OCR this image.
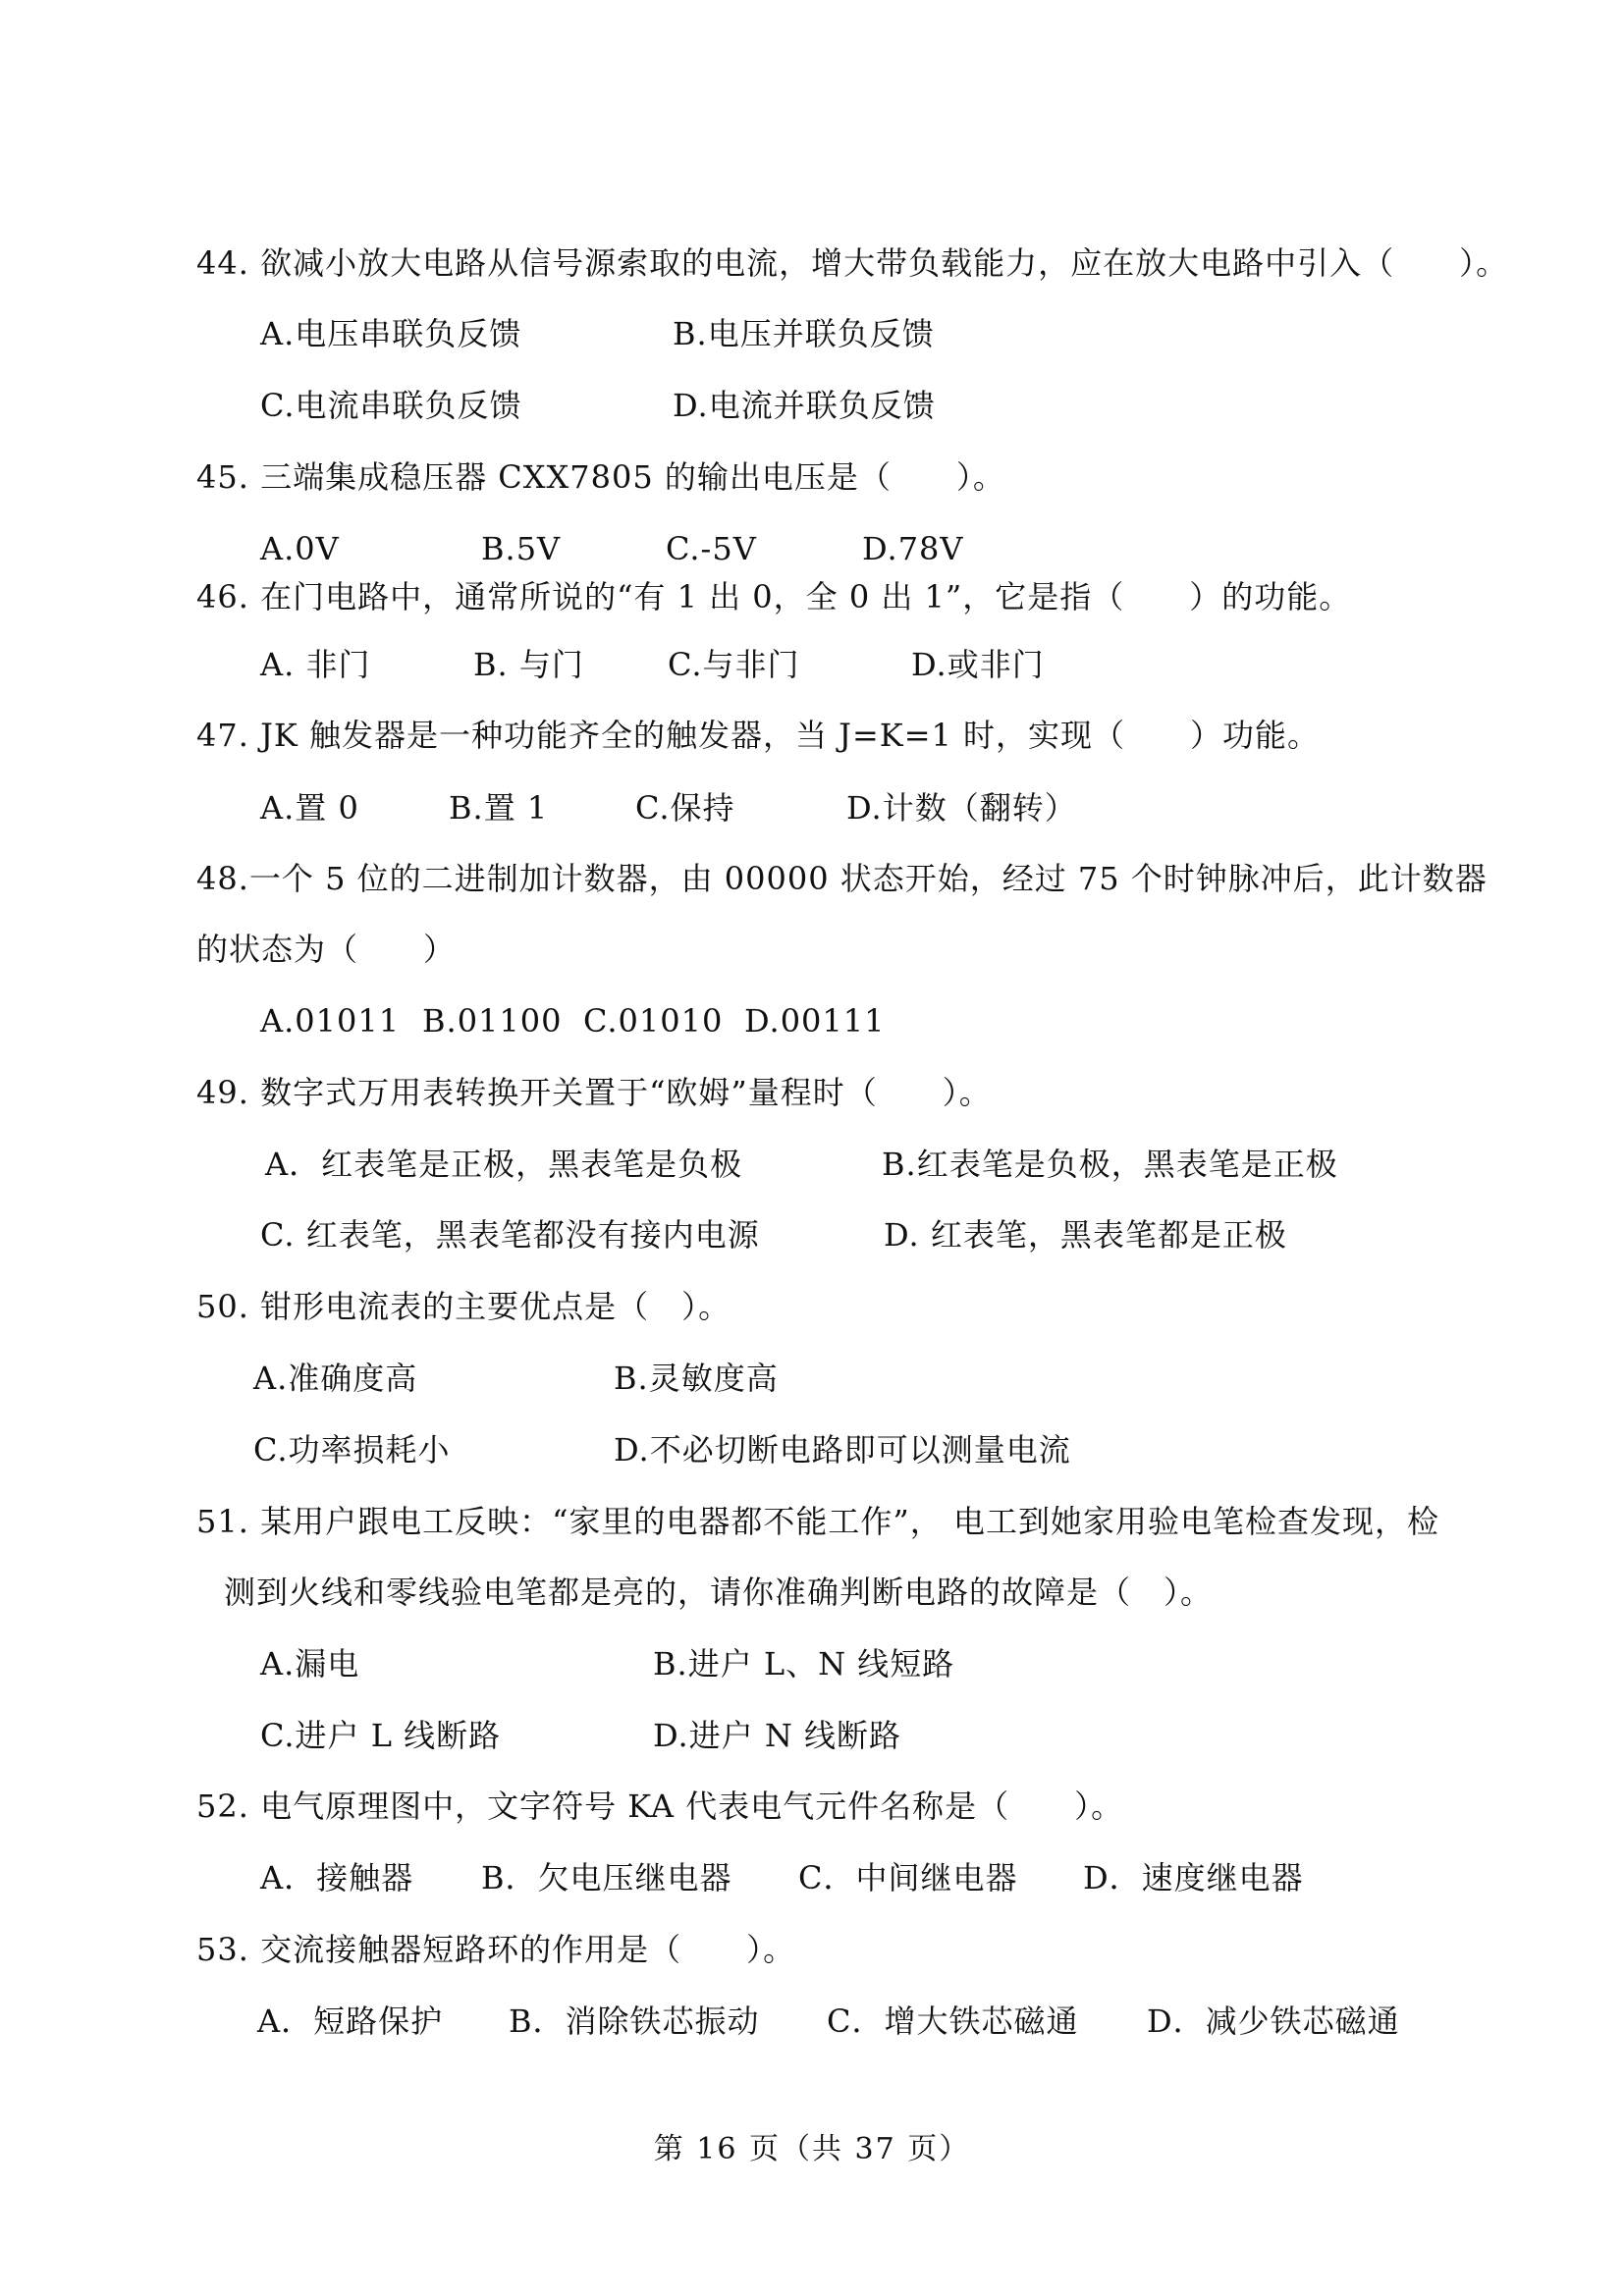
44. 欲减小放大电路从信号源索取的电流，增大带负载能力，应在放大电路中引入（　　）。
A.电压串联负反馈	B.电压并联负反馈
C.电流串联负反馈	D.电流并联负反馈
45. 三端集成稳压器 CXX7805 的输出电压是（　　）。
A.0V	B.5V	C.-5V	D.78V
46. 在门电路中，通常所说的“有 1 出 0，全 0 出 1”，它是指（　　）的功能。
A. 非门	B. 与门	C.与非门	D.或非门
47. JK 触发器是一种功能齐全的触发器，当 J=K=1 时，实现（　　）功能。
A.置 0	B.置 1	C.保持	D.计数（翻转）
48.一个 5 位的二进制加计数器，由 00000 状态开始，经过 75 个时钟脉冲后，此计数器
的状态为（　　）
A.01011 B.01100 C.01010 D.00111
49. 数字式万用表转换开关置于“欧姆”量程时（　　）。
A．红表笔是正极，黑表笔是负极	B.红表笔是负极，黑表笔是正极
C. 红表笔，黑表笔都没有接内电源	D. 红表笔，黑表笔都是正极
50. 钳形电流表的主要优点是（　）。
A.准确度高	B.灵敏度高
C.功率损耗小	D.不必切断电路即可以测量电流
51. 某用户跟电工反映：“家里的电器都不能工作”， 电工到她家用验电笔检查发现，检
测到火线和零线验电笔都是亮的，请你准确判断电路的故障是（　）。
A.漏电	B.进户 L、N 线短路
C.进户 L 线断路	D.进户 N 线断路
52. 电气原理图中，文字符号 KA 代表电气元件名称是（　　）。
A．接触器 B．欠电压继电器 C．中间继电器 D．速度继电器
53. 交流接触器短路环的作用是（　　）。
A．短路保护 B．消除铁芯振动 C．增大铁芯磁通 D．减少铁芯磁通
第 16 页（共 37 页）
